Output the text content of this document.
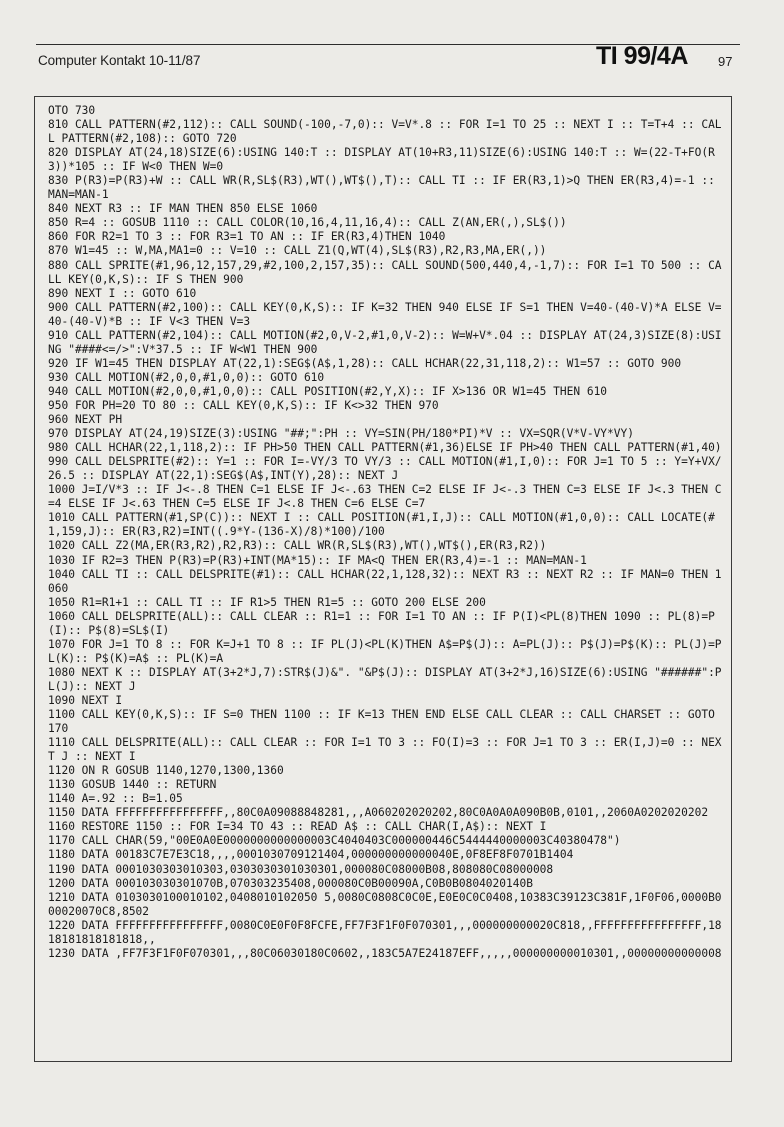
Computer Kontakt 10-11/87	TI 99/4A 97
OTO 730
810 CALL PATTERN(#2,112):: CALL SOUND(-100,-7,0):: V=V*.8 :: FOR I=1 TO 25 :: NEXT I :: T=T+4 :: CALL PATTERN(#2,108):: GOTO 720
820 DISPLAY AT(24,18)SIZE(6):USING 140:T :: DISPLAY AT(10+R3,11)SIZE(6):USING 140:T :: W=(22-T+FO(R3))*105 :: IF W<0 THEN W=0
830 P(R3)=P(R3)+W :: CALL WR(R,SL$(R3),WT(),WT$(),T):: CALL TI :: IF ER(R3,1)>Q THEN ER(R3,4)=-1 :: MAN=MAN-1
840 NEXT R3 :: IF MAN THEN 850 ELSE 1060
850 R=4 :: GOSUB 1110 :: CALL COLOR(10,16,4,11,16,4):: CALL Z(AN,ER(,),SL$())
860 FOR R2=1 TO 3 :: FOR R3=1 TO AN :: IF ER(R3,4)THEN 1040
870 W1=45 :: W,MA,MA1=0 :: V=10 :: CALL Z1(Q,WT(4),SL$(R3),R2,R3,MA,ER(,))
880 CALL SPRITE(#1,96,12,157,29,#2,100,2,157,35):: CALL SOUND(500,440,4,-1,7):: FOR I=1 TO 500 :: CALL KEY(0,K,S):: IF S THEN 900
890 NEXT I :: GOTO 610
900 CALL PATTERN(#2,100):: CALL KEY(0,K,S):: IF K=32 THEN 940 ELSE IF S=1 THEN V=40-(40-V)*A ELSE V=40-(40-V)*B :: IF V<3 THEN V=3
910 CALL PATTERN(#2,104):: CALL MOTION(#2,0,V-2,#1,0,V-2):: W=W+V*.04 :: DISPLAY AT(24,3)SIZE(8):USING "####<=/>":V*37.5 :: IF W<W1 THEN 900
920 IF W1=45 THEN DISPLAY AT(22,1):SEG$(A$,1,28):: CALL HCHAR(22,31,118,2):: W1=57 :: GOTO 900
930 CALL MOTION(#2,0,0,#1,0,0):: GOTO 610
940 CALL MOTION(#2,0,0,#1,0,0):: CALL POSITION(#2,Y,X):: IF X>136 OR W1=45 THEN 610
950 FOR PH=20 TO 80 :: CALL KEY(0,K,S):: IF K<>32 THEN 970
960 NEXT PH
970 DISPLAY AT(24,19)SIZE(3):USING "##;":PH :: VY=SIN(PH/180*PI)*V :: VX=SQR(V*V-VY*VY)
980 CALL HCHAR(22,1,118,2):: IF PH>50 THEN CALL PATTERN(#1,36)ELSE IF PH>40 THEN CALL PATTERN(#1,40)
990 CALL DELSPRITE(#2):: Y=1 :: FOR I=-VY/3 TO VY/3 :: CALL MOTION(#1,I,0):: FOR J=1 TO 5 :: Y=Y+VX/26.5 :: DISPLAY AT(22,1):SEG$(A$,INT(Y),28):: NEXT J
1000 J=I/V*3 :: IF J<-.8 THEN C=1 ELSE IF J<-.63 THEN C=2 ELSE IF J<-.3 THEN C=3 ELSE IF J<.3 THEN C=4 ELSE IF J<.63 THEN C=5 ELSE IF J<.8 THEN C=6 ELSE C=7
1010 CALL PATTERN(#1,SP(C)):: NEXT I :: CALL POSITION(#1,I,J):: CALL MOTION(#1,0,0):: CALL LOCATE(#1,159,J):: ER(R3,R2)=INT((.9*Y-(136-X)/8)*100)/100
1020 CALL Z2(MA,ER(R3,R2),R2,R3):: CALL WR(R,SL$(R3),WT(),WT$(),ER(R3,R2))
1030 IF R2=3 THEN P(R3)=P(R3)+INT(MA*15):: IF MA<Q THEN ER(R3,4)=-1 :: MAN=MAN-1
1040 CALL TI :: CALL DELSPRITE(#1):: CALL HCHAR(22,1,128,32):: NEXT R3 :: NEXT R2 :: IF MAN=0 THEN 1060
1050 R1=R1+1 :: CALL TI :: IF R1>5 THEN R1=5 :: GOTO 200 ELSE 200
1060 CALL DELSPRITE(ALL):: CALL CLEAR :: R1=1 :: FOR I=1 TO AN :: IF P(I)<PL(8)THEN 1090 :: PL(8)=P(I):: P$(8)=SL$(I)
1070 FOR J=1 TO 8 :: FOR K=J+1 TO 8 :: IF PL(J)<PL(K)THEN A$=P$(J):: A=PL(J):: P$(J)=P$(K):: PL(J)=PL(K):: P$(K)=A$ :: PL(K)=A
1080 NEXT K :: DISPLAY AT(3+2*J,7):STR$(J)&". "&P$(J):: DISPLAY AT(3+2*J,16)SIZE(6):USING "######":PL(J):: NEXT J
1090 NEXT I
1100 CALL KEY(0,K,S):: IF S=0 THEN 1100 :: IF K=13 THEN END ELSE CALL CLEAR :: CALL CHARSET :: GOTO 170
1110 CALL DELSPRITE(ALL):: CALL CLEAR :: FOR I=1 TO 3 :: FO(I)=3 :: FOR J=1 TO 3 :: ER(I,J)=0 :: NEXT J :: NEXT I
1120 ON R GOSUB 1140,1270,1300,1360
1130 GOSUB 1440 :: RETURN
1140 A=.92 :: B=1.05
1150 DATA FFFFFFFFFFFFFFFF,,80C0A09088848281,,,A060202020202,80C0A0A0A090B0B,0101,,2060A0202020202
1160 RESTORE 1150 :: FOR I=34 TO 43 :: READ A$ :: CALL CHAR(I,A$):: NEXT I
1170 CALL CHAR(59,"00E0A0E0000000000000003C4040403C000000446C5444440000003C40380478")
1180 DATA 00183C7E7E3C18,,,,0001030709121404,000000000000040E,0F8EF8F0701B1404
1190 DATA 0001030303010303,0303030301030301,000080C08000B08,808080C08000008
1200 DATA 000103030301070B,070303235408,000080C0B00090A,C0B0B0804020140B
1210 DATA 0103030100010102,0408010102050 5,0080C0808C0C0E,E0E0C0C0408,10383C39123C381F,1F0F06,0000B000020070C8,8502
1220 DATA FFFFFFFFFFFFFFFF,0080C0E0F0F8FCFE,FF7F3F1F0F070301,,,000000000020C818,,FFFFFFFFFFFFFFFF,1818181818181818,,
1230 DATA ,FF7F3F1F0F070301,,,80C06030180C0602,,183C5A7E24187EFF,,,,,000000000010301,,00000000000008
